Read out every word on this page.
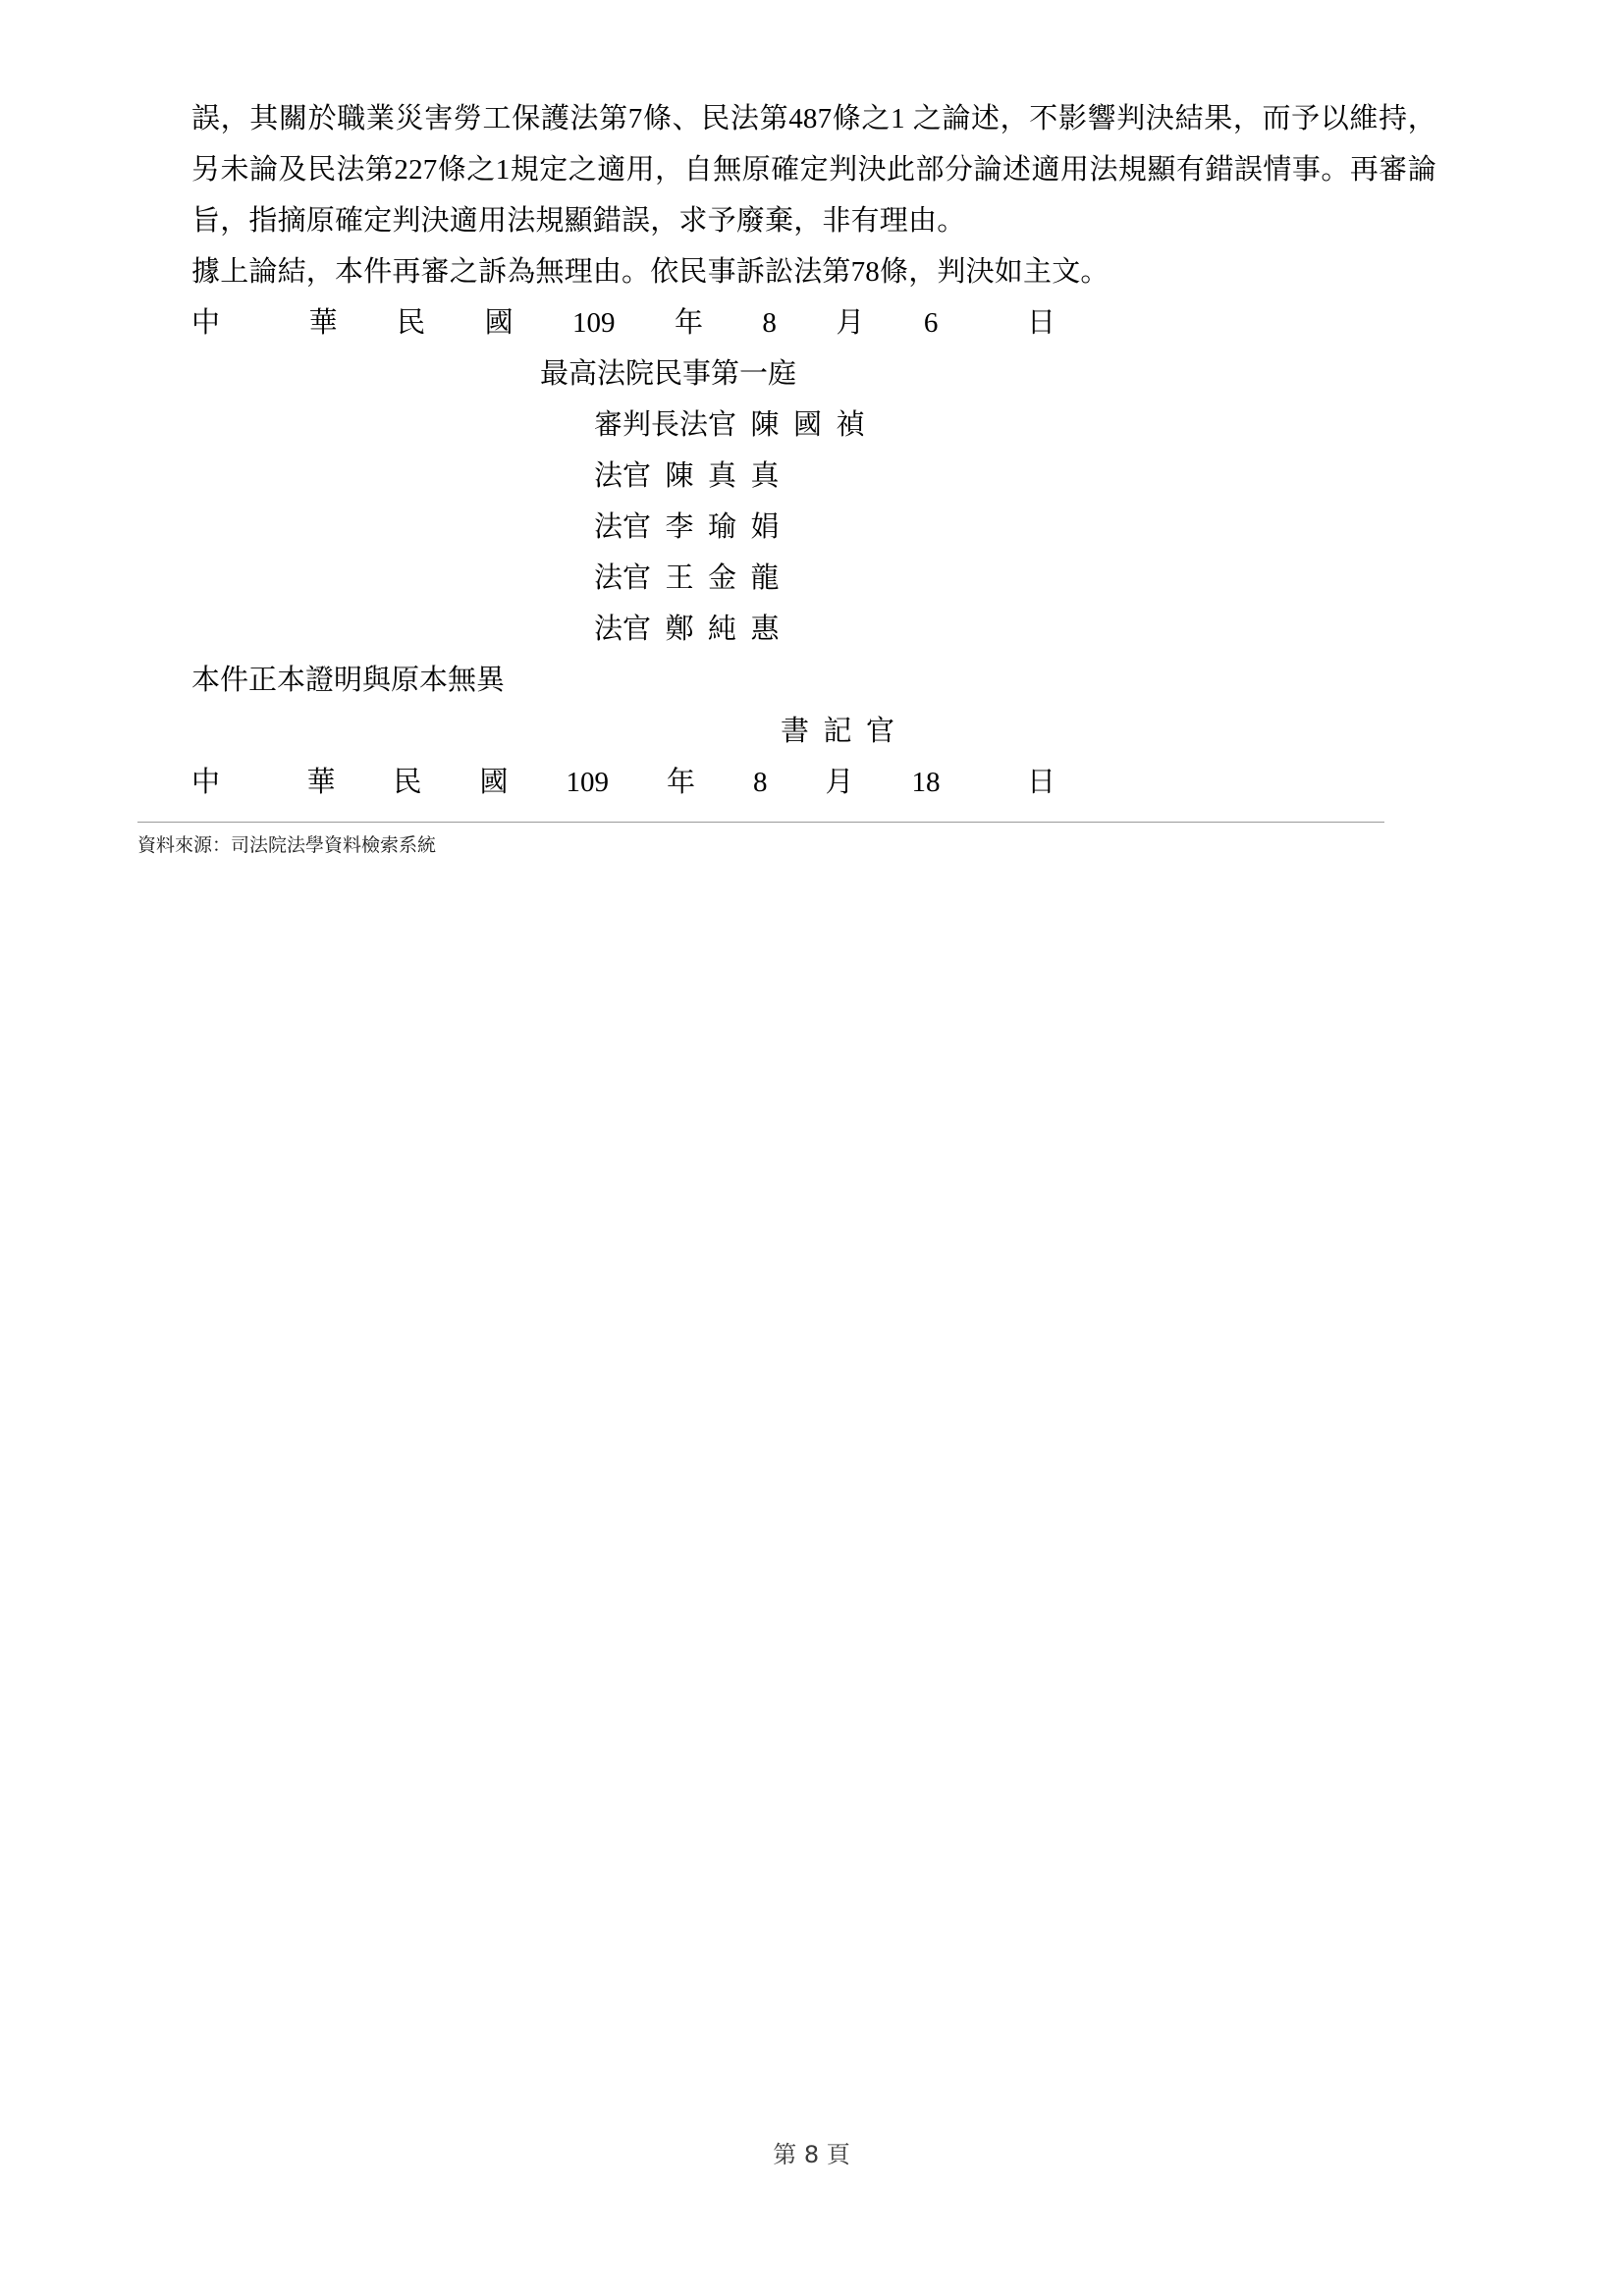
誤，其關於職業災害勞工保護法第7條、民法第487條之1 之論述，不影響判決結果，而予以維持，另未論及民法第227條之1規定之適用，自無原確定判決此部分論述適用法規顯有錯誤情事。再審論旨，指摘原確定判決適用法規顯錯誤，求予廢棄，非有理由。

據上論結，本件再審之訴為無理由。依民事訴訟法第78條，判決如主文。

中	華	民	國	109	年	8	月	6	日
最高法院民事第一庭
審判長法官  陳  國  禎
法官  陳  真  真
法官  李  瑜  娟
法官  王  金  龍
法官  鄭  純  惠
本件正本證明與原本無異
書  記  官
中	華	民	國	109	年	8	月	18	日
資料來源：司法院法學資料檢索系統
第 8 頁
